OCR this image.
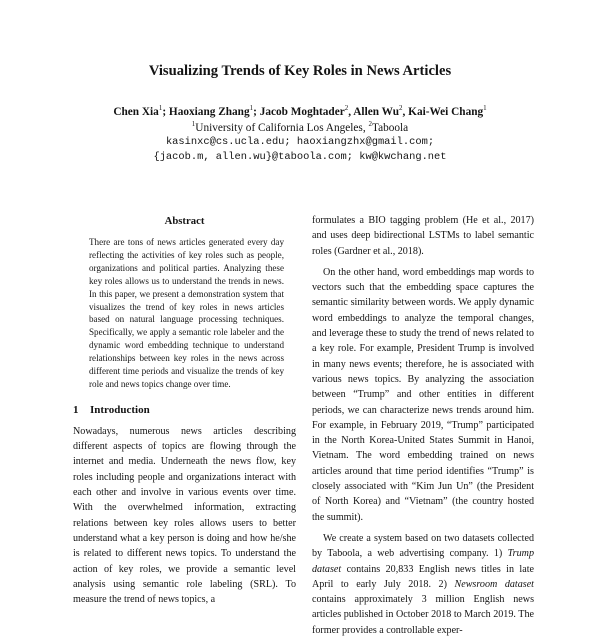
Visualizing Trends of Key Roles in News Articles
Chen Xia$^1$; Haoxiang Zhang$^1$; Jacob Moghtader$^2$, Allen Wu$^2$, Kai-Wei Chang$^1$
$^1$University of California Los Angeles, $^2$Taboola
kasinxc@cs.ucla.edu; haoxiangzhx@gmail.com;
{jacob.m, allen.wu}@taboola.com; kw@kwchang.net
Abstract

There are tons of news articles generated every day reflecting the activities of key roles such as people, organizations and political parties. Analyzing these key roles allows us to understand the trends in news. In this paper, we present a demonstration system that visualizes the trend of key roles in news articles based on natural language processing techniques. Specifically, we apply a semantic role labeler and the dynamic word embedding technique to understand relationships between key roles in the news across different time periods and visualize the trends of key role and news topics change over time.

1 Introduction

Nowadays, numerous news articles describing different aspects of topics are flowing through the internet and media. Underneath the news flow, key roles including people and organizations interact with each other and involve in various events over time. With the overwhelmed information, extracting relations between key roles allows users to better understand what a key person is doing and how he/she is related to different news topics. To understand the action of key roles, we provide a semantic level analysis using semantic role labeling (SRL). To measure the trend of news topics, a

formulates a BIO tagging problem (He et al., 2017) and uses deep bidirectional LSTMs to label semantic roles (Gardner et al., 2018).

On the other hand, word embeddings map words to vectors such that the embedding space captures the semantic similarity between words. We apply dynamic word embeddings to analyze the temporal changes, and leverage these to study the trend of news related to a key role. For example, President Trump is involved in many news events; therefore, he is associated with various news topics. By analyzing the association between “Trump” and other entities in different periods, we can characterize news trends around him. For example, in February 2019, “Trump” participated in the North Korea-United States Summit in Hanoi, Vietnam. The word embedding trained on news articles around that time period identifies “Trump” is closely associated with “Kim Jun Un” (the President of North Korea) and “Vietnam” (the country hosted the summit).

We create a system based on two datasets collected by Taboola, a web advertising company. 1) Trump dataset contains 20,833 English news titles in late April to early July 2018. 2) Newsroom dataset contains approximately 3 million English news articles published in October 2018 to March 2019. The former provides a controllable exper-
